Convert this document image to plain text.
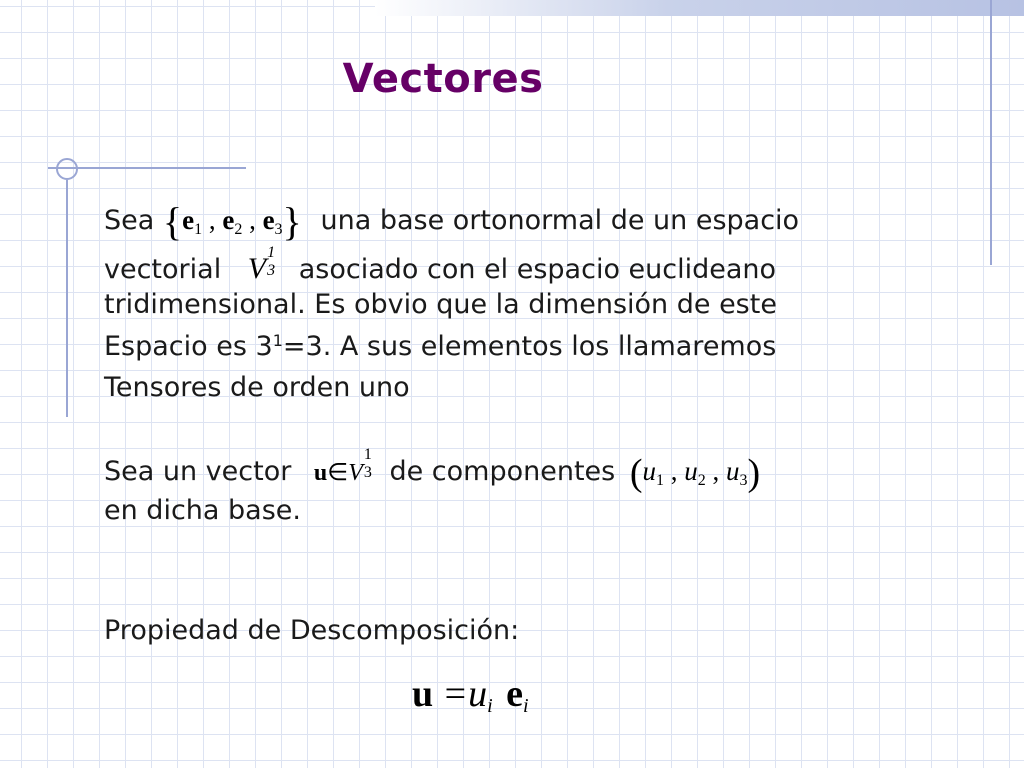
Vectores
Sea {$e_1$ , $e_2$ , $e_3$} una base ortonormal de un espacio
vectorial V 1
3 asociado con el espacio euclideano
tridimensional. Es obvio que la dimensión de este
Espacio es $3^1=3$. A sus elementos los llamaremos
Tensores de orden uno
Sea un vector u∈V
1
3 de componentes ($u_1$ , $u_2$ , $u_3$)
en dicha base.
Propiedad de Descomposición:
u =ui ei
